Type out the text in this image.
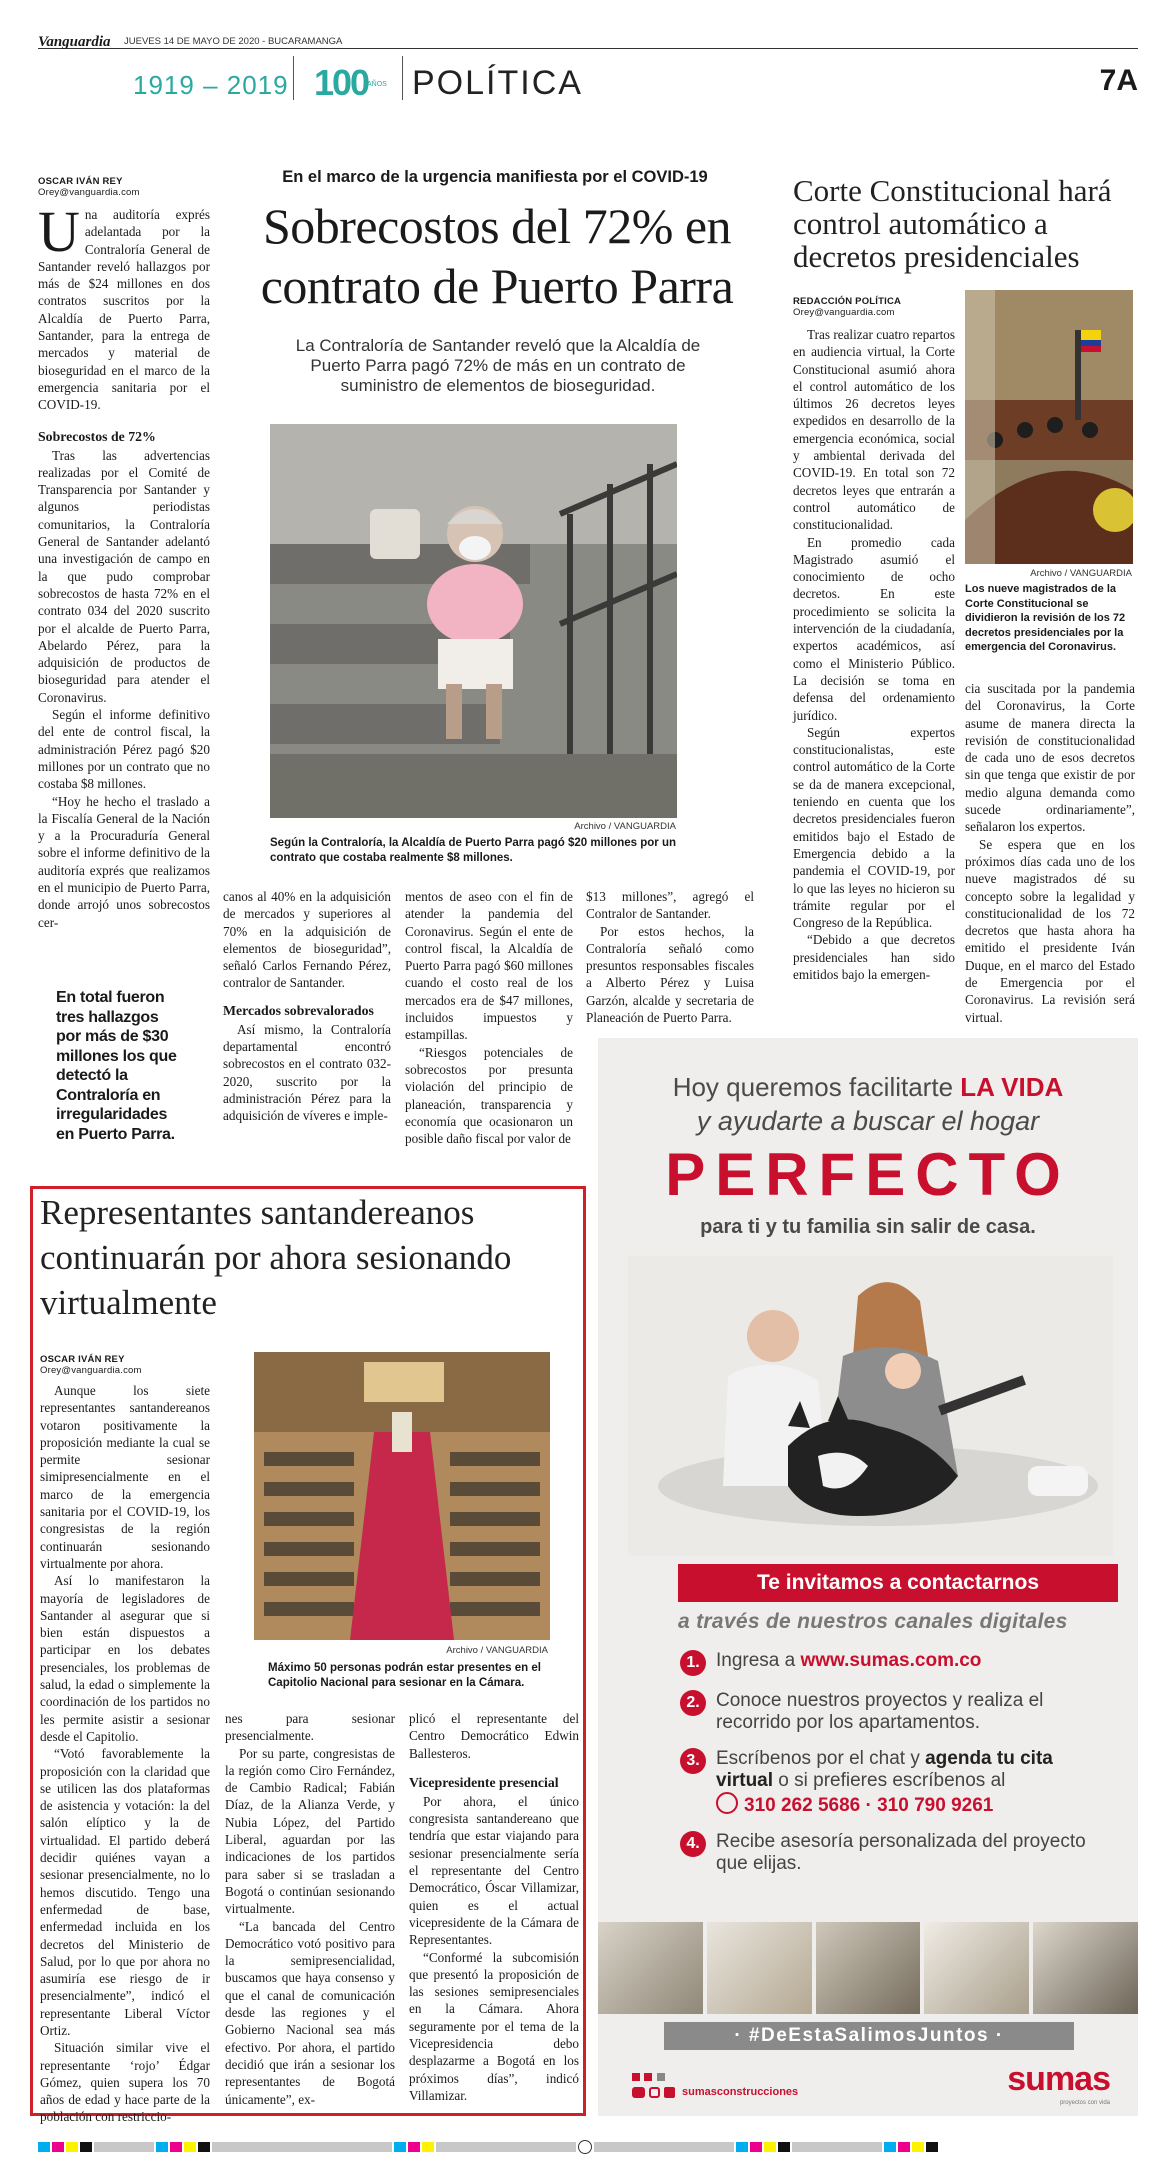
Vanguardia JUEVES 14 DE MAYO DE 2020 - BUCARAMANGA
1919 – 2019 100
AÑOS POLÍTICA	7A
OSCAR IVÁN REY
Orey@vanguardia.com
En el marco de la urgencia manifiesta por el COVID-19
Sobrecostos del 72% en contrato de Puerto Parra
La Contraloría de Santander reveló que la Alcaldía de Puerto Parra pagó 72% de más en un contrato de suministro de elementos de bioseguridad.

Una auditoría exprés adelantada por la Contraloría General de Santander reveló hallazgos por más de $24 millones en dos contratos suscritos por la Alcaldía de Puerto Parra, Santander, para la entrega de mercados y material de bioseguridad en el marco de la emergencia sanitaria por el COVID-19.

Sobrecostos de 72%

Tras las advertencias realizadas por el Comité de Transparencia por Santander y algunos periodistas comunitarios, la Contraloría General de Santander adelantó una investigación de campo en la que pudo comprobar sobrecostos de hasta 72% en el contrato 034 del 2020 suscrito por el alcalde de Puerto Parra, Abelardo Pérez, para la adquisición de productos de bioseguridad para atender el Coronavirus.

Según el informe definitivo del ente de control fiscal, la administración Pérez pagó $20 millones por un contrato que no costaba $8 millones.

“Hoy he hecho el traslado a la Fiscalía General de la Nación y a la Procuraduría General sobre el informe definitivo de la auditoría exprés que realizamos en el municipio de Puerto Parra, donde arrojó unos sobrecostos cer-

En total fueron tres hallazgos por más de $30 millones los que detectó la Contraloría en irregularidades en Puerto Parra.
Archivo / VANGUARDIA
Según la Contraloría, la Alcaldía de Puerto Parra pagó $20 millones por un contrato que costaba realmente $8 millones.

canos al 40% en la adquisición de mercados y superiores al 70% en la adquisición de elementos de bioseguridad”, señaló Carlos Fernando Pérez, contralor de Santander.

Mercados sobrevalorados

Así mismo, la Contraloría departamental encontró sobrecostos en el contrato 032-2020, suscrito por la administración Pérez para la adquisición de víveres e imple-

mentos de aseo con el fin de atender la pandemia del Coronavirus. Según el ente de control fiscal, la Alcaldía de Puerto Parra pagó $60 millones cuando el costo real de los mercados era de $47 millones, incluidos impuestos y estampillas.

“Riesgos potenciales de sobrecostos por presunta violación del principio de planeación, transparencia y economía que ocasionaron un posible daño fiscal por valor de

$13 millones”, agregó el Contralor de Santander.

Por estos hechos, la Contraloría señaló como presuntos responsables fiscales a Alberto Pérez y Luisa Garzón, alcalde y secretaria de Planeación de Puerto Parra.

Corte Constitucional hará control automático a decretos presidenciales
REDACCIÓN POLÍTICA
Orey@vanguardia.com

Tras realizar cuatro repartos en audiencia virtual, la Corte Constitucional asumió ahora el control automático de los últimos 26 decretos leyes expedidos en desarrollo de la emergencia económica, social y ambiental derivada del COVID-19. En total son 72 decretos leyes que entrarán a control automático de constitucionalidad.

En promedio cada Magistrado asumió el conocimiento de ocho decretos. En este procedimiento se solicita la intervención de la ciudadanía, expertos académicos, así como el Ministerio Público. La decisión se toma en defensa del ordenamiento jurídico.

Según expertos constitucionalistas, este control automático de la Corte se da de manera excepcional, teniendo en cuenta que los decretos presidenciales fueron emitidos bajo el Estado de Emergencia debido a la pandemia el COVID-19, por lo que las leyes no hicieron su trámite regular por el Congreso de la República.

“Debido a que decretos presidenciales han sido emitidos bajo la emergen-

Archivo / VANGUARDIA
Los nueve magistrados de la Corte Constitucional se dividieron la revisión de los 72 decretos presidenciales por la emergencia del Coronavirus.

cia suscitada por la pandemia del Coronavirus, la Corte asume de manera directa la revisión de constitucionalidad de cada uno de esos decretos sin que tenga que existir de por medio alguna demanda como sucede ordinariamente”, señalaron los expertos.

Se espera que en los próximos días cada uno de los nueve magistrados dé su concepto sobre la legalidad y constitucionalidad de los 72 decretos que hasta ahora ha emitido el presidente Iván Duque, en el marco del Estado de Emergencia por el Coronavirus. La revisión será virtual.

Representantes santandereanos continuarán por ahora sesionando virtualmente
OSCAR IVÁN REY
Orey@vanguardia.com

Aunque los siete representantes santandereanos votaron positivamente la proposición mediante la cual se permite sesionar simipresencialmente en el marco de la emergencia sanitaria por el COVID-19, los congresistas de la región continuarán sesionando virtualmente por ahora.

Así lo manifestaron la mayoría de legisladores de Santander al asegurar que si bien están dispuestos a participar en los debates presenciales, los problemas de salud, la edad o simplemente la coordinación de los partidos no les permite asistir a sesionar desde el Capitolio.

“Votó favorablemente la proposición con la claridad que se utilicen las dos plataformas de asistencia y votación: la del salón elíptico y la de virtualidad. El partido deberá decidir quiénes vayan a sesionar presencialmente, no lo hemos discutido. Tengo una enfermedad de base, enfermedad incluida en los decretos del Ministerio de Salud, por lo que por ahora no asumiría ese riesgo de ir presencialmente”, indicó el representante Liberal Víctor Ortiz.

Situación similar vive el representante ‘rojo’ Édgar Gómez, quien supera los 70 años de edad y hace parte de la población con restriccio-

Archivo / VANGUARDIA
Máximo 50 personas podrán estar presentes en el Capitolio Nacional para sesionar en la Cámara.

nes para sesionar presencialmente.

Por su parte, congresistas de la región como Ciro Fernández, de Cambio Radical; Fabián Díaz, de la Alianza Verde, y Nubia López, del Partido Liberal, aguardan por las indicaciones de los partidos para saber si se trasladan a Bogotá o continúan sesionando virtualmente.

“La bancada del Centro Democrático votó positivo para la semipresencialidad, buscamos que haya consenso y que el canal de comunicación desde las regiones y el Gobierno Nacional sea más efectivo. Por ahora, el partido decidió que irán a sesionar los representantes de Bogotá únicamente”, ex-

plicó el representante del Centro Democrático Edwin Ballesteros.

Vicepresidente presencial

Por ahora, el único congresista santandereano que tendría que estar viajando para sesionar presencialmente sería el representante del Centro Democrático, Óscar Villamizar, quien es el actual vicepresidente de la Cámara de Representantes.

“Conformé la subcomisión que presentó la proposición de las sesiones semipresenciales en la Cámara. Ahora seguramente por el tema de la Vicepresidencia debo desplazarme a Bogotá en los próximos días”, indicó Villamizar.

Hoy queremos facilitarte LA VIDA
y ayudarte a buscar el hogar
PERFECTO
para ti y tu familia sin salir de casa.
Te invitamos a contactarnos
a través de nuestros canales digitales
1. Ingresa a www.sumas.com.co
2. Conoce nuestros proyectos y realiza el recorrido por los apartamentos.
3. Escríbenos por el chat y agenda tu cita virtual o si prefieres escríbenos al
310 262 5686 · 310 790 9261
4. Recibe asesoría personalizada del proyecto que elijas.
· #DeEstaSalimosJuntos ·

sumasconstrucciones	sumas
proyectos con vida
